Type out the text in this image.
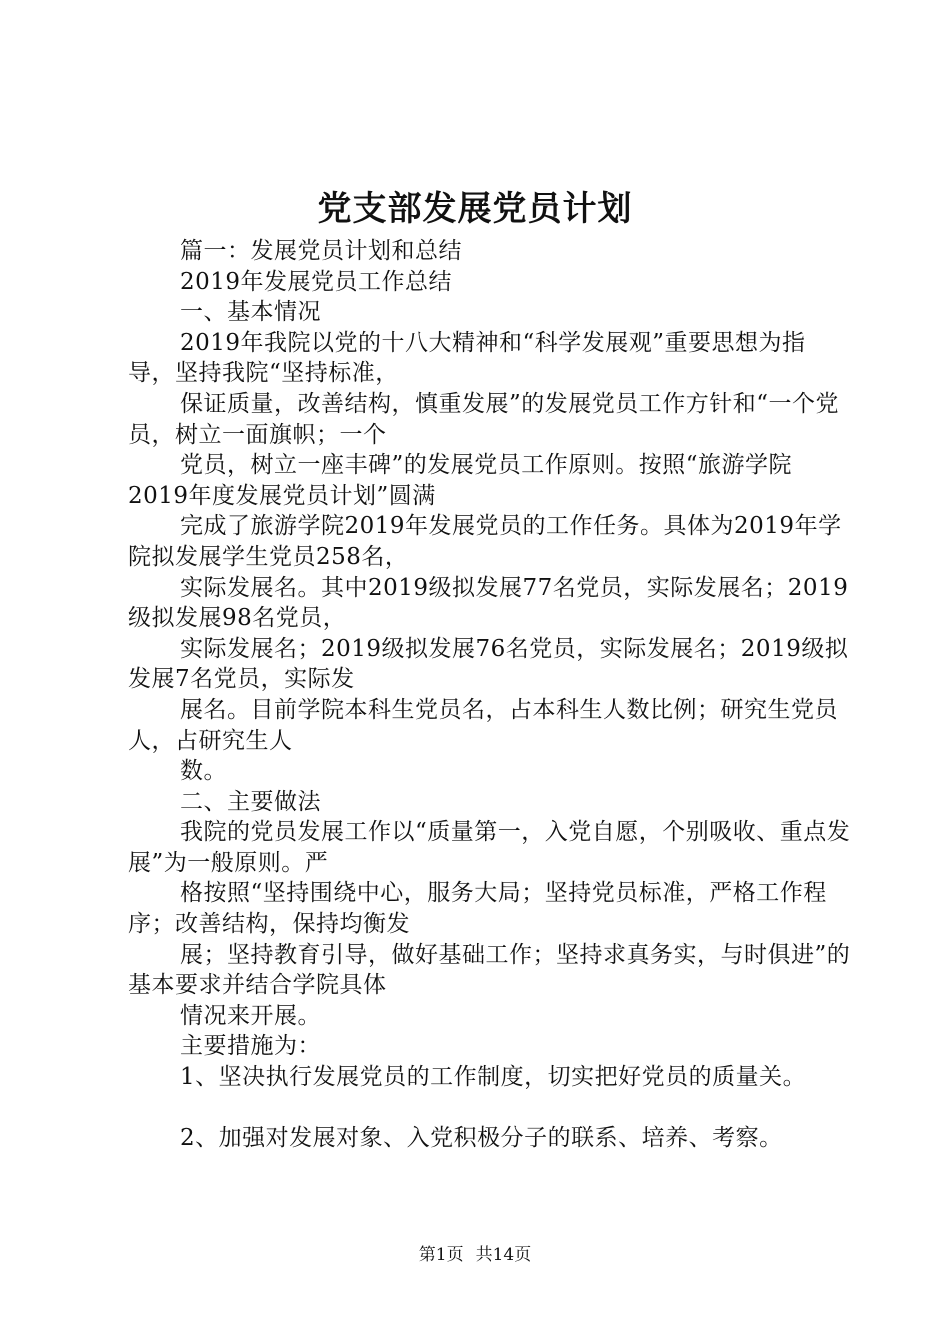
党支部发展党员计划

篇一：发展党员计划和总结

2019年发展党员工作总结

一、基本情况

2019年我院以党的十八大精神和“科学发展观”重要思想为指导，坚持我院“坚持标准，

保证质量，改善结构，慎重发展”的发展党员工作方针和“一个党员，树立一面旗帜；一个

党员，树立一座丰碑”的发展党员工作原则。按照“旅游学院2019年度发展党员计划”圆满

完成了旅游学院2019年发展党员的工作任务。具体为2019年学院拟发展学生党员258名，

实际发展名。其中2019级拟发展77名党员，实际发展名；2019级拟发展98名党员，

实际发展名；2019级拟发展76名党员，实际发展名；2019级拟发展7名党员，实际发

展名。目前学院本科生党员名，占本科生人数比例；研究生党员人，占研究生人

数。

二、主要做法

我院的党员发展工作以“质量第一，入党自愿，个别吸收、重点发展”为一般原则。严

格按照“坚持围绕中心，服务大局；坚持党员标准，严格工作程序；改善结构，保持均衡发

展；坚持教育引导，做好基础工作；坚持求真务实，与时俱进”的基本要求并结合学院具体

情况来开展。

主要措施为：

1、坚决执行发展党员的工作制度，切实把好党员的质量关。

2、加强对发展对象、入党积极分子的联系、培养、考察。

第1页 共14页
